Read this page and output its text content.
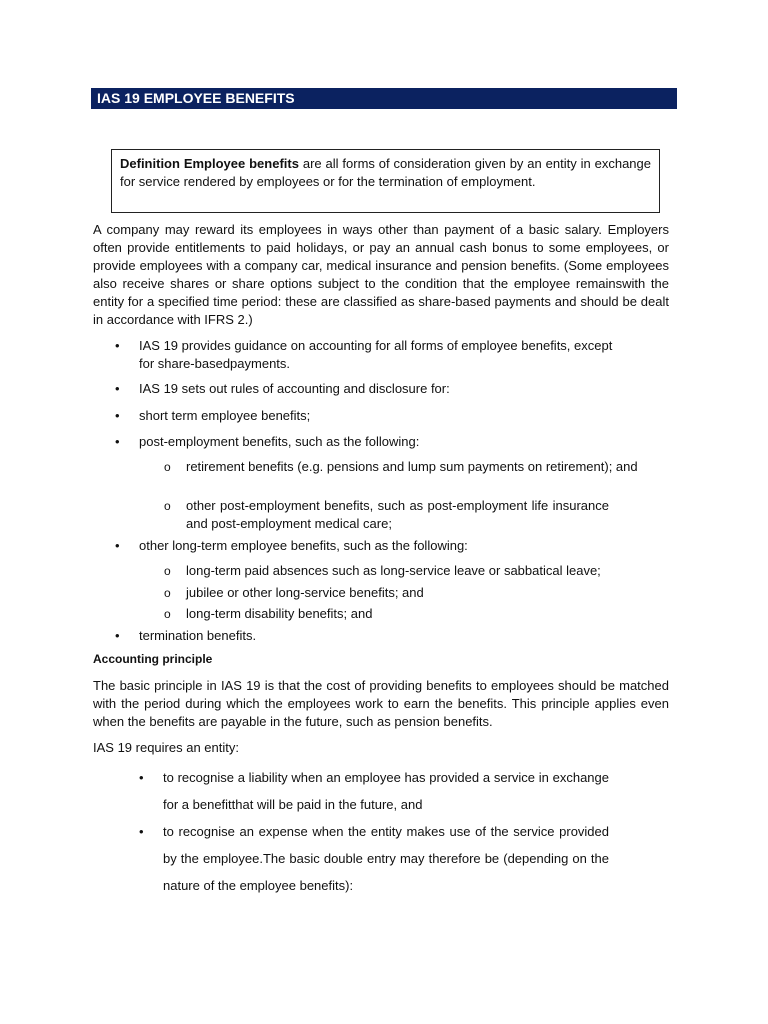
IAS 19 EMPLOYEE BENEFITS
Definition Employee benefits are all forms of consideration given by an entity in exchange for service rendered by employees or for the termination of employment.

A company may reward its employees in ways other than payment of a basic salary. Employers often provide entitlements to paid holidays, or pay an annual cash bonus to some employees, or provide employees with a company car, medical insurance and pension benefits. (Some employees also receive shares or share options subject to the condition that the employee remainswith the entity for a specified time period: these are classified as share-based payments and should be dealt in accordance with IFRS 2.)

• IAS 19 provides guidance on accounting for all forms of employee benefits, except for share-basedpayments.
• IAS 19 sets out rules of accounting and disclosure for:
• short term employee benefits;
• post-employment benefits, such as the following:
o retirement benefits (e.g. pensions and lump sum payments on retirement); and
o other post-employment benefits, such as post-employment life insurance and post-employment medical care;
• other long-term employee benefits, such as the following:
o long-term paid absences such as long-service leave or sabbatical leave;
o jubilee or other long-service benefits; and
o long-term disability benefits; and
• termination benefits.

Accounting principle

The basic principle in IAS 19 is that the cost of providing benefits to employees should be matched with the period during which the employees work to earn the benefits. This principle applies even when the benefits are payable in the future, such as pension benefits.

IAS 19 requires an entity:

• to recognise a liability when an employee has provided a service in exchange for a benefitthat will be paid in the future, and
• to recognise an expense when the entity makes use of the service provided by the employee.The basic double entry may therefore be (depending on the nature of the employee benefits):
